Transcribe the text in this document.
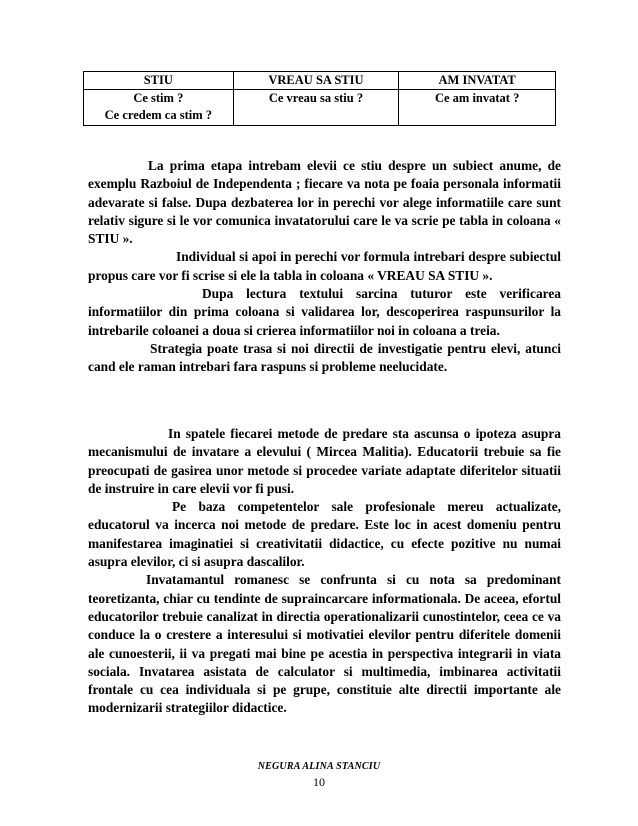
STIU	VREAU SA STIU	AM INVATAT

Ce stim ?
Ce credem ca stim ?	Ce vreau sa stiu ?	Ce am invatat ?

La prima etapa intrebam elevii ce stiu despre un subiect anume, de exemplu Razboiul de Independenta ; fiecare va nota pe foaia personala informatii adevarate si false. Dupa dezbaterea lor in perechi vor alege informatiile care sunt relativ sigure si le vor comunica invatatorului care le va scrie pe tabla in coloana « STIU ».

Individual si apoi in perechi vor formula intrebari despre subiectul propus care vor fi scrise si ele la tabla in coloana « VREAU SA STIU ».

Dupa lectura textului sarcina tuturor este verificarea informatiilor din prima coloana si validarea lor, descoperirea raspunsurilor la intrebarile coloanei a doua si crierea informatiilor noi in coloana a treia.

Strategia poate trasa si noi directii de investigatie pentru elevi, atunci cand ele raman intrebari fara raspuns si probleme neelucidate.

In spatele fiecarei metode de predare sta ascunsa o ipoteza asupra mecanismului de invatare a elevului ( Mircea Malitia). Educatorii trebuie sa fie preocupati de gasirea unor metode si procedee variate adaptate diferitelor situatii de instruire in care elevii vor fi pusi.

Pe baza competentelor sale profesionale mereu actualizate, educatorul va incerca noi metode de predare. Este loc in acest domeniu pentru manifestarea imaginatiei si creativitatii didactice, cu efecte pozitive nu numai asupra elevilor, ci si asupra dascalilor.

Invatamantul romanesc se confrunta si cu nota sa predominant teoretizanta, chiar cu tendinte de supraincarcare informationala. De aceea, efortul educatorilor trebuie canalizat in directia operationalizarii cunostintelor, ceea ce va conduce la o crestere a interesului si motivatiei elevilor pentru diferitele domenii ale cunoesterii, ii va pregati mai bine pe acestia in perspectiva integrarii in viata sociala. Invatarea asistata de calculator si multimedia, imbinarea activitatii frontale cu cea individuala si pe grupe, constituie alte directii importante ale modernizarii strategiilor didactice.

NEGURA ALINA STANCIU
10
